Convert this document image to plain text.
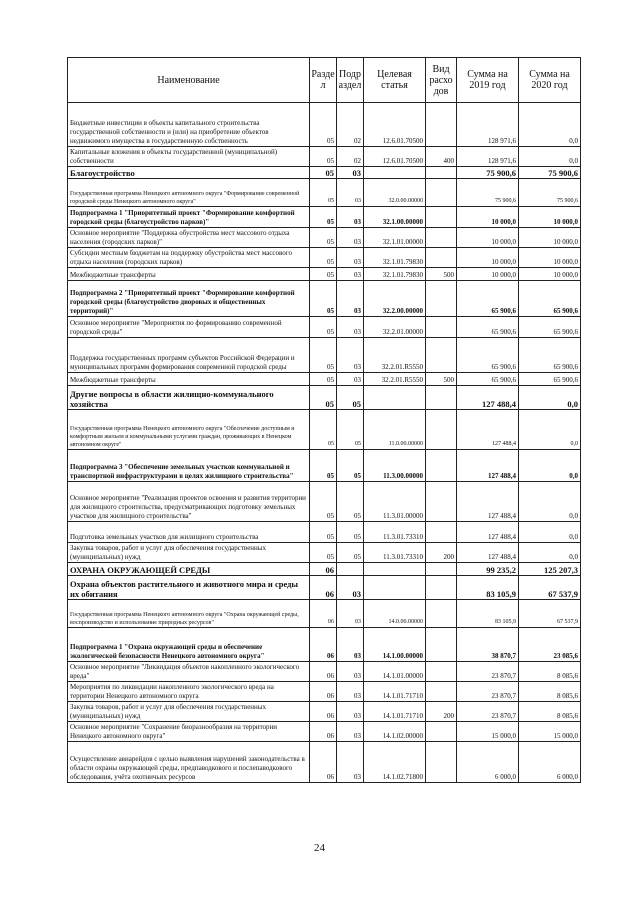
Наименование	Разде л	Подр аздел	Целевая статья	Вид расхо дов	Сумма на 2019 год	Сумма на 2020 год
Бюджетные инвестиции в объекты капитального строительства государственной собственности и (или) на приобретение объектов недвижимого имущества в государственную собственность	05	02	12.6.01.70500		128 971,6	0,0
Капитальные вложения в объекты государственной (муниципальной) собственности	05	02	12.6.01.70500	400	128 971,6	0,0
Благоустройство	05	03			75 900,6	75 900,6
Государственная программа Ненецкого автономного округа "Формирование современной городской среды Ненецкого автономного округа"	05	03	32.0.00.00000		75 900,6	75 900,6
Подпрограмма 1 "Приоритетный проект "Формирование комфортной городской среды (благоустройство парков)"	05	03	32.1.00.00000		10 000,0	10 000,0
Основное мероприятие "Поддержка обустройства мест массового отдыха населения (городских парков)"	05	03	32.1.01.00000		10 000,0	10 000,0
Субсидии местным бюджетам на поддержку обустройства мест массового отдыха населения (городских парков)	05	03	32.1.01.79830		10 000,0	10 000,0
Межбюджетные трансферты	05	03	32.1.01.79830	500	10 000,0	10 000,0
Подпрограмма 2 "Приоритетный проект "Формирование комфортной городской среды (благоустройство дворовых и общественных территорий)"	05	03	32.2.00.00000		65 900,6	65 900,6
Основное мероприятие "Мероприятия по формированию современной городской среды"	05	03	32.2.01.00000		65 900,6	65 900,6
Поддержка государственных программ субъектов Российской Федерации и муниципальных программ формирования современной городской среды	05	03	32.2.01.R5550		65 900,6	65 900,6
Межбюджетные трансферты	05	03	32.2.01.R5550	500	65 900,6	65 900,6
Другие вопросы в области жилищно-коммунального хозяйства	05	05			127 488,4	0,0
Государственная программа Ненецкого автономного округа "Обеспечение доступным и комфортным жильем и коммунальными услугами граждан, проживающих в Ненецком автономном округе"	05	05	11.0.00.00000		127 488,4	0,0
Подпрограмма 3 "Обеспечение земельных участков коммунальной и транспортной инфраструктурами в целях жилищного строительства"	05	05	11.3.00.00000		127 488,4	0,0
Основное мероприятие "Реализация проектов освоения и развития территории для жилищного строительства, предусматривающих подготовку земельных участков для жилищного строительства"	05	05	11.3.01.00000		127 488,4	0,0
Подготовка земельных участков для жилищного строительства	05	05	11.3.01.73310		127 488,4	0,0
Закупка товаров, работ и услуг для обеспечения государственных (муниципальных) нужд	05	05	11.3.01.73310	200	127 488,4	0,0
ОХРАНА ОКРУЖАЮЩЕЙ СРЕДЫ	06				99 235,2	125 207,3
Охрана объектов растительного и животного мира и среды их обитания	06	03			83 105,9	67 537,9
Государственная программа Ненецкого автономного округа "Охрана окружающей среды, воспроизводство и использование природных ресурсов"	06	03	14.0.00.00000		83 105,9	67 537,9
Подпрограмма 1 "Охрана окружающей среды и обеспечение экологической безопасности Ненецкого автономного округа"	06	03	14.1.00.00000		38 870,7	23 085,6
Основное мероприятие "Ликвидация объектов накопленного экологического вреда"	06	03	14.1.01.00000		23 870,7	8 085,6
Мероприятия по ликвидации накопленного экологического вреда на территории Ненецкого автономного округа	06	03	14.1.01.71710		23 870,7	8 085,6
Закупка товаров, работ и услуг для обеспечения государственных (муниципальных) нужд	06	03	14.1.01.71710	200	23 870,7	8 085,6
Основное мероприятие "Сохранение биоразнообразия на территории Ненецкого автономного округа"	06	03	14.1.02.00000		15 000,0	15 000,0
Осуществление авиарейдов с целью выявления нарушений законодательства в области охраны окружающей среды, предпаводкового и послепаводкового обследования, учёта охотничьих ресурсов	06	03	14.1.02.71800		6 000,0	6 000,0
24
